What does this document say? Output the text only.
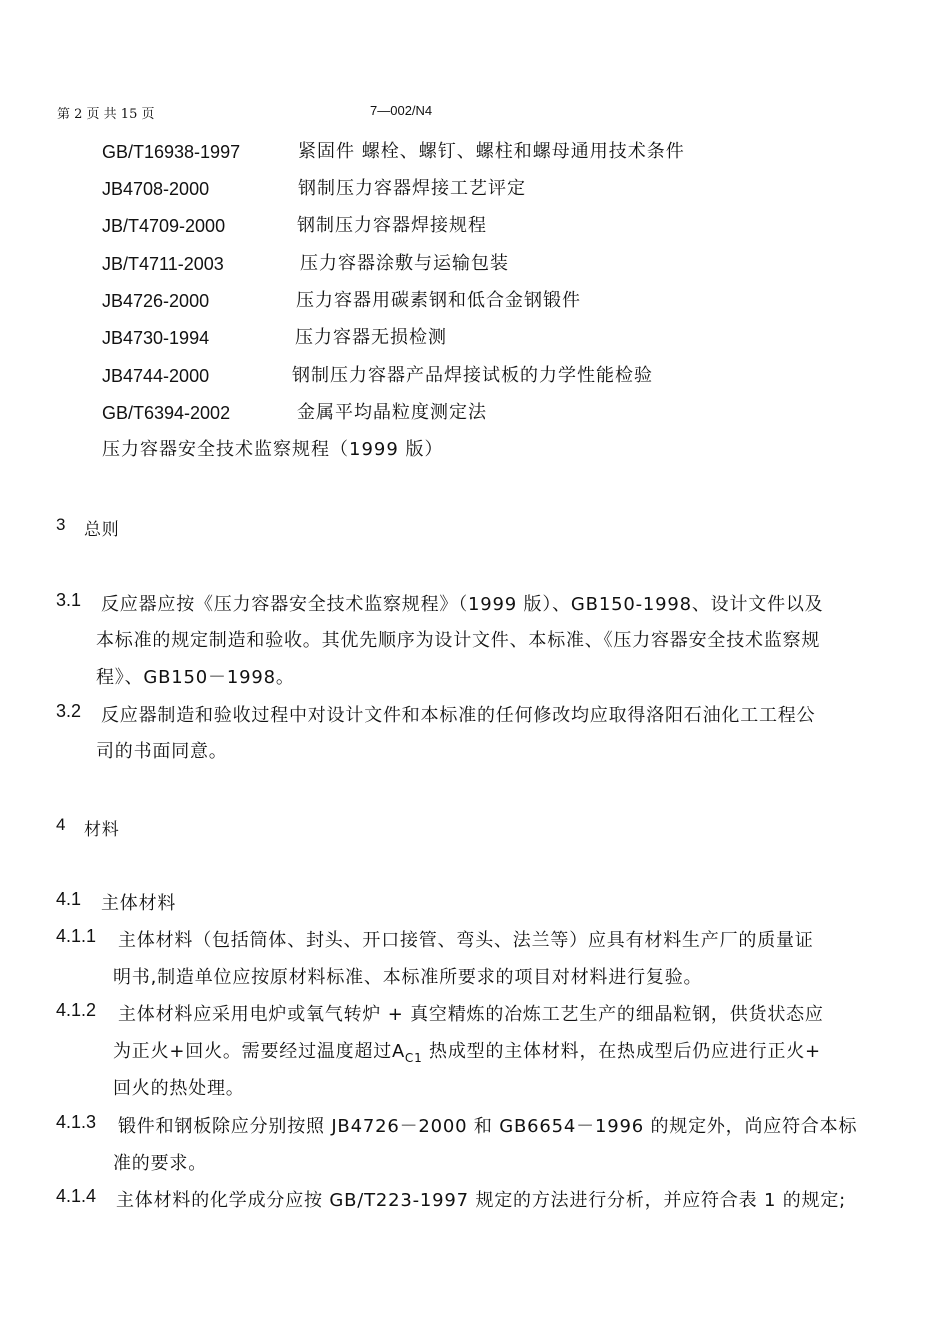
第 2 页 共 15 页	7—002/N4
GB/T16938-1997	紧固件 螺栓、螺钉、螺柱和螺母通用技术条件
JB4708-2000	钢制压力容器焊接工艺评定
JB/T4709-2000	钢制压力容器焊接规程
JB/T4711-2003	压力容器涂敷与运输包装
JB4726-2000	压力容器用碳素钢和低合金钢锻件
JB4730-1994	压力容器无损检测
JB4744-2000	钢制压力容器产品焊接试板的力学性能检验
GB/T6394-2002	金属平均晶粒度测定法
压力容器安全技术监察规程（1999 版）
3 总则
3.1 反应器应按《压力容器安全技术监察规程》（1999 版）、GB150-1998、设计文件以及
本标准的规定制造和验收。其优先顺序为设计文件、本标准、《压力容器安全技术监察规
程》、GB150－1998。
3.2 反应器制造和验收过程中对设计文件和本标准的任何修改均应取得洛阳石油化工工程公
司的书面同意。
4 材料
4.1 主体材料
4.1.1 主体材料（包括筒体、封头、开口接管、弯头、法兰等）应具有材料生产厂的质量证
明书,制造单位应按原材料标准、本标准所要求的项目对材料进行复验。
4.1.2 主体材料应采用电炉或氧气转炉 + 真空精炼的冶炼工艺生产的细晶粒钢，供货状态应
为正火+回火。需要经过温度超过$A_{C1}$ 热成型的主体材料，在热成型后仍应进行正火+
回火的热处理。
4.1.3 锻件和钢板除应分别按照 JB4726－2000 和 GB6654－1996 的规定外，尚应符合本标
准的要求。
4.1.4 主体材料的化学成分应按 GB/T223-1997 规定的方法进行分析，并应符合表 1 的规定;
